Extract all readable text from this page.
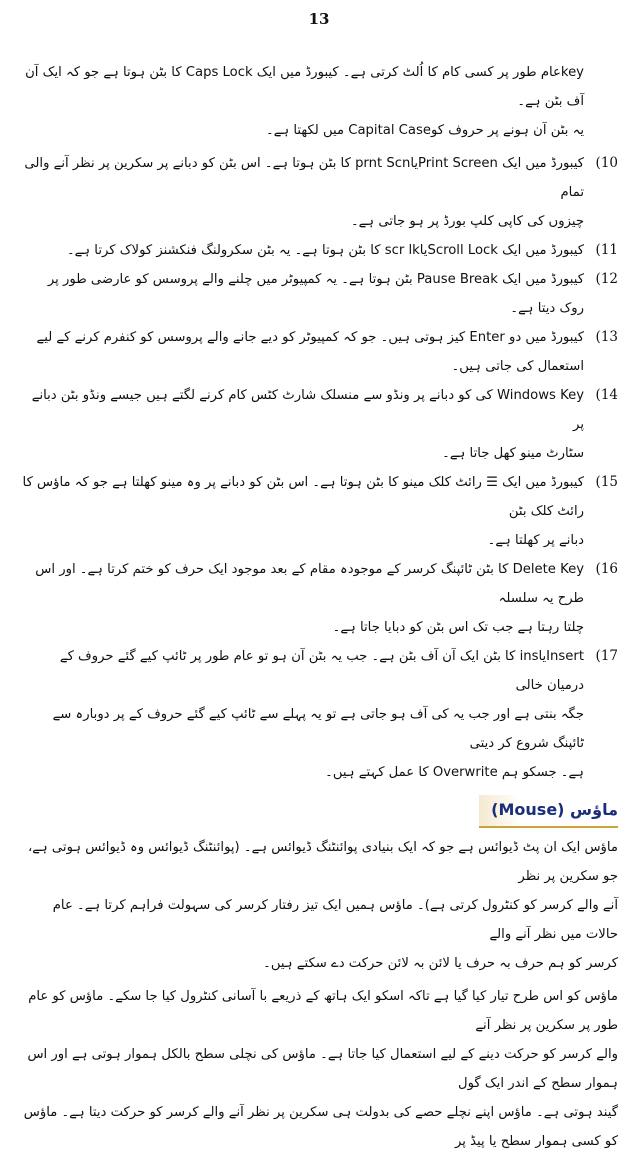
13

keyعام طور پر کسی کام کا اُلٹ کرتی ہے۔ کیبورڈ میں ایک Caps Lock کا بٹن ہوتا ہے جو کہ ایک آن آف بٹن ہے۔

یہ بٹن آن ہونے پر حروف کوCapital Case میں لکھتا ہے۔

(10

کیبورڈ میں ایک Print Screenیاprnt Scn کا بٹن ہوتا ہے۔ اس بٹن کو دبانے پر سکرین پر نظر آنے والی تمام

چیزوں کی کاپی کلپ بورڈ پر ہو جاتی ہے۔

(11

کیبورڈ میں ایک Scroll Lockیاscr lk کا بٹن ہوتا ہے۔ یہ بٹن سکرولنگ فنکشنز کولاک کرتا ہے۔

(12

کیبورڈ میں ایک Pause Break بٹن ہوتا ہے۔ یہ کمپیوٹر میں چلنے والے پروسس کو عارضی طور پر روک دیتا ہے۔

(13

کیبورڈ میں دو Enter کیز ہوتی ہیں۔ جو کہ کمپیوٹر کو دیے جانے والے پروسس کو کنفرم کرنے کے لیے استعمال کی جاتی ہیں۔

(14

Windows Key کی کو دبانے پر ونڈو سے منسلک شارٹ کٹس کام کرنے لگتے ہیں جیسے ونڈو بٹن دبانے پر

سٹارٹ مینو کھل جاتا ہے۔

(15

کیبورڈ میں ایک ☰ رائٹ کلک مینو کا بٹن ہوتا ہے۔ اس بٹن کو دبانے پر وہ مینو کھلتا ہے جو کہ ماؤس کا رائٹ کلک بٹن

دبانے پر کھلتا ہے۔

(16

Delete Key کا بٹن ٹائپنگ کرسر کے موجودہ مقام کے بعد موجود ایک حرف کو ختم کرتا ہے۔ اور اس طرح یہ سلسلہ

چلتا رہتا ہے جب تک اس بٹن کو دبایا جاتا ہے۔

(17

Insertیاins کا بٹن ایک آن آف بٹن ہے۔ جب یہ بٹن آن ہو تو عام طور پر ٹائپ کیے گئے حروف کے درمیان خالی

جگہ بنتی ہے اور جب یہ کی آف ہو جاتی ہے تو یہ پہلے سے ٹائپ کیے گئے حروف کے پر دوبارہ سے ٹائپنگ شروع کر دیتی

ہے۔ جسکو ہم Overwrite کا عمل کہتے ہیں۔

ماؤس (Mouse)

ماؤس ایک ان پٹ ڈیوائس ہے جو کہ ایک بنیادی پوائنٹنگ ڈیوائس ہے۔ (پوائنٹنگ ڈیوائس وہ ڈیوائس ہوتی ہے، جو سکرین پر نظر

آنے والے کرسر کو کنٹرول کرتی ہے)۔ ماؤس ہمیں ایک تیز رفتار کرسر کی سہولت فراہم کرتا ہے۔ عام حالات میں نظر آنے والے

کرسر کو ہم حرف بہ حرف یا لائن بہ لائن حرکت دے سکتے ہیں۔

ماؤس کو اس طرح تیار کیا گیا ہے تاکہ اسکو ایک ہاتھ کے ذریعے با آسانی کنٹرول کیا جا سکے۔ ماؤس کو عام طور پر سکرین پر نظر آنے

والے کرسر کو حرکت دینے کے لیے استعمال کیا جاتا ہے۔ ماؤس کی نچلی سطح بالکل ہموار ہوتی ہے اور اس ہموار سطح کے اندر ایک گول

گیند ہوتی ہے۔ ماؤس اپنے نچلے حصے کی بدولت ہی سکرین پر نظر آنے والے کرسر کو حرکت دیتا ہے۔ ماؤس کو کسی ہموار سطح یا پیڈ پر
